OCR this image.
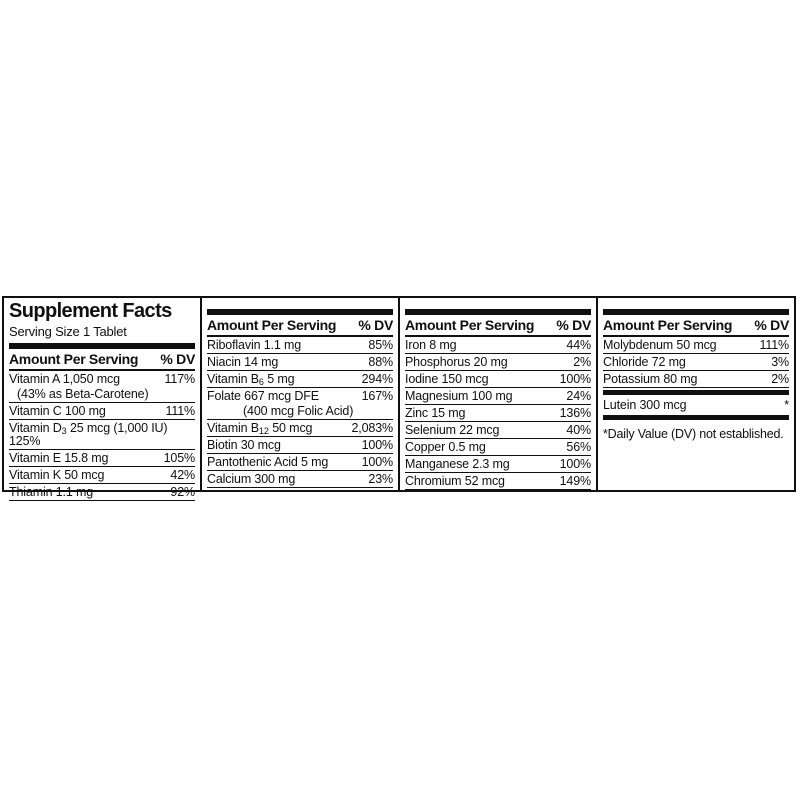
Supplement Facts
Serving Size 1 Tablet
Amount Per Serving % DV
Vitamin A 1,050 mcg	117%
(43% as Beta-Carotene)
Vitamin C 100 mg	111%
Vitamin $D_3$ 25 mcg (1,000 IU)
125%
Vitamin E 15.8 mg	105%
Vitamin K 50 mcg	42%
Thiamin 1.1 mg	92%
Amount Per Serving % DV
Riboflavin 1.1 mg	85%
Niacin 14 mg	88%
Vitamin $B_6$ 5 mg	294%
Folate 667 mcg DFE	167%
(400 mcg Folic Acid)
Vitamin $B_{12}$ 50 mcg	2,083%
Biotin 30 mcg	100%
Pantothenic Acid 5 mg	100%
Calcium 300 mg	23%
Amount Per Serving % DV
Iron 8 mg	44%
Phosphorus 20 mg	2%
Iodine 150 mcg	100%
Magnesium 100 mg	24%
Zinc 15 mg	136%
Selenium 22 mcg	40%
Copper 0.5 mg	56%
Manganese 2.3 mg	100%
Chromium 52 mcg	149%
Amount Per Serving % DV
Molybdenum 50 mcg	111%
Chloride 72 mg	3%
Potassium 80 mg	2%
Lutein 300 mcg	*
*Daily Value (DV) not established.
